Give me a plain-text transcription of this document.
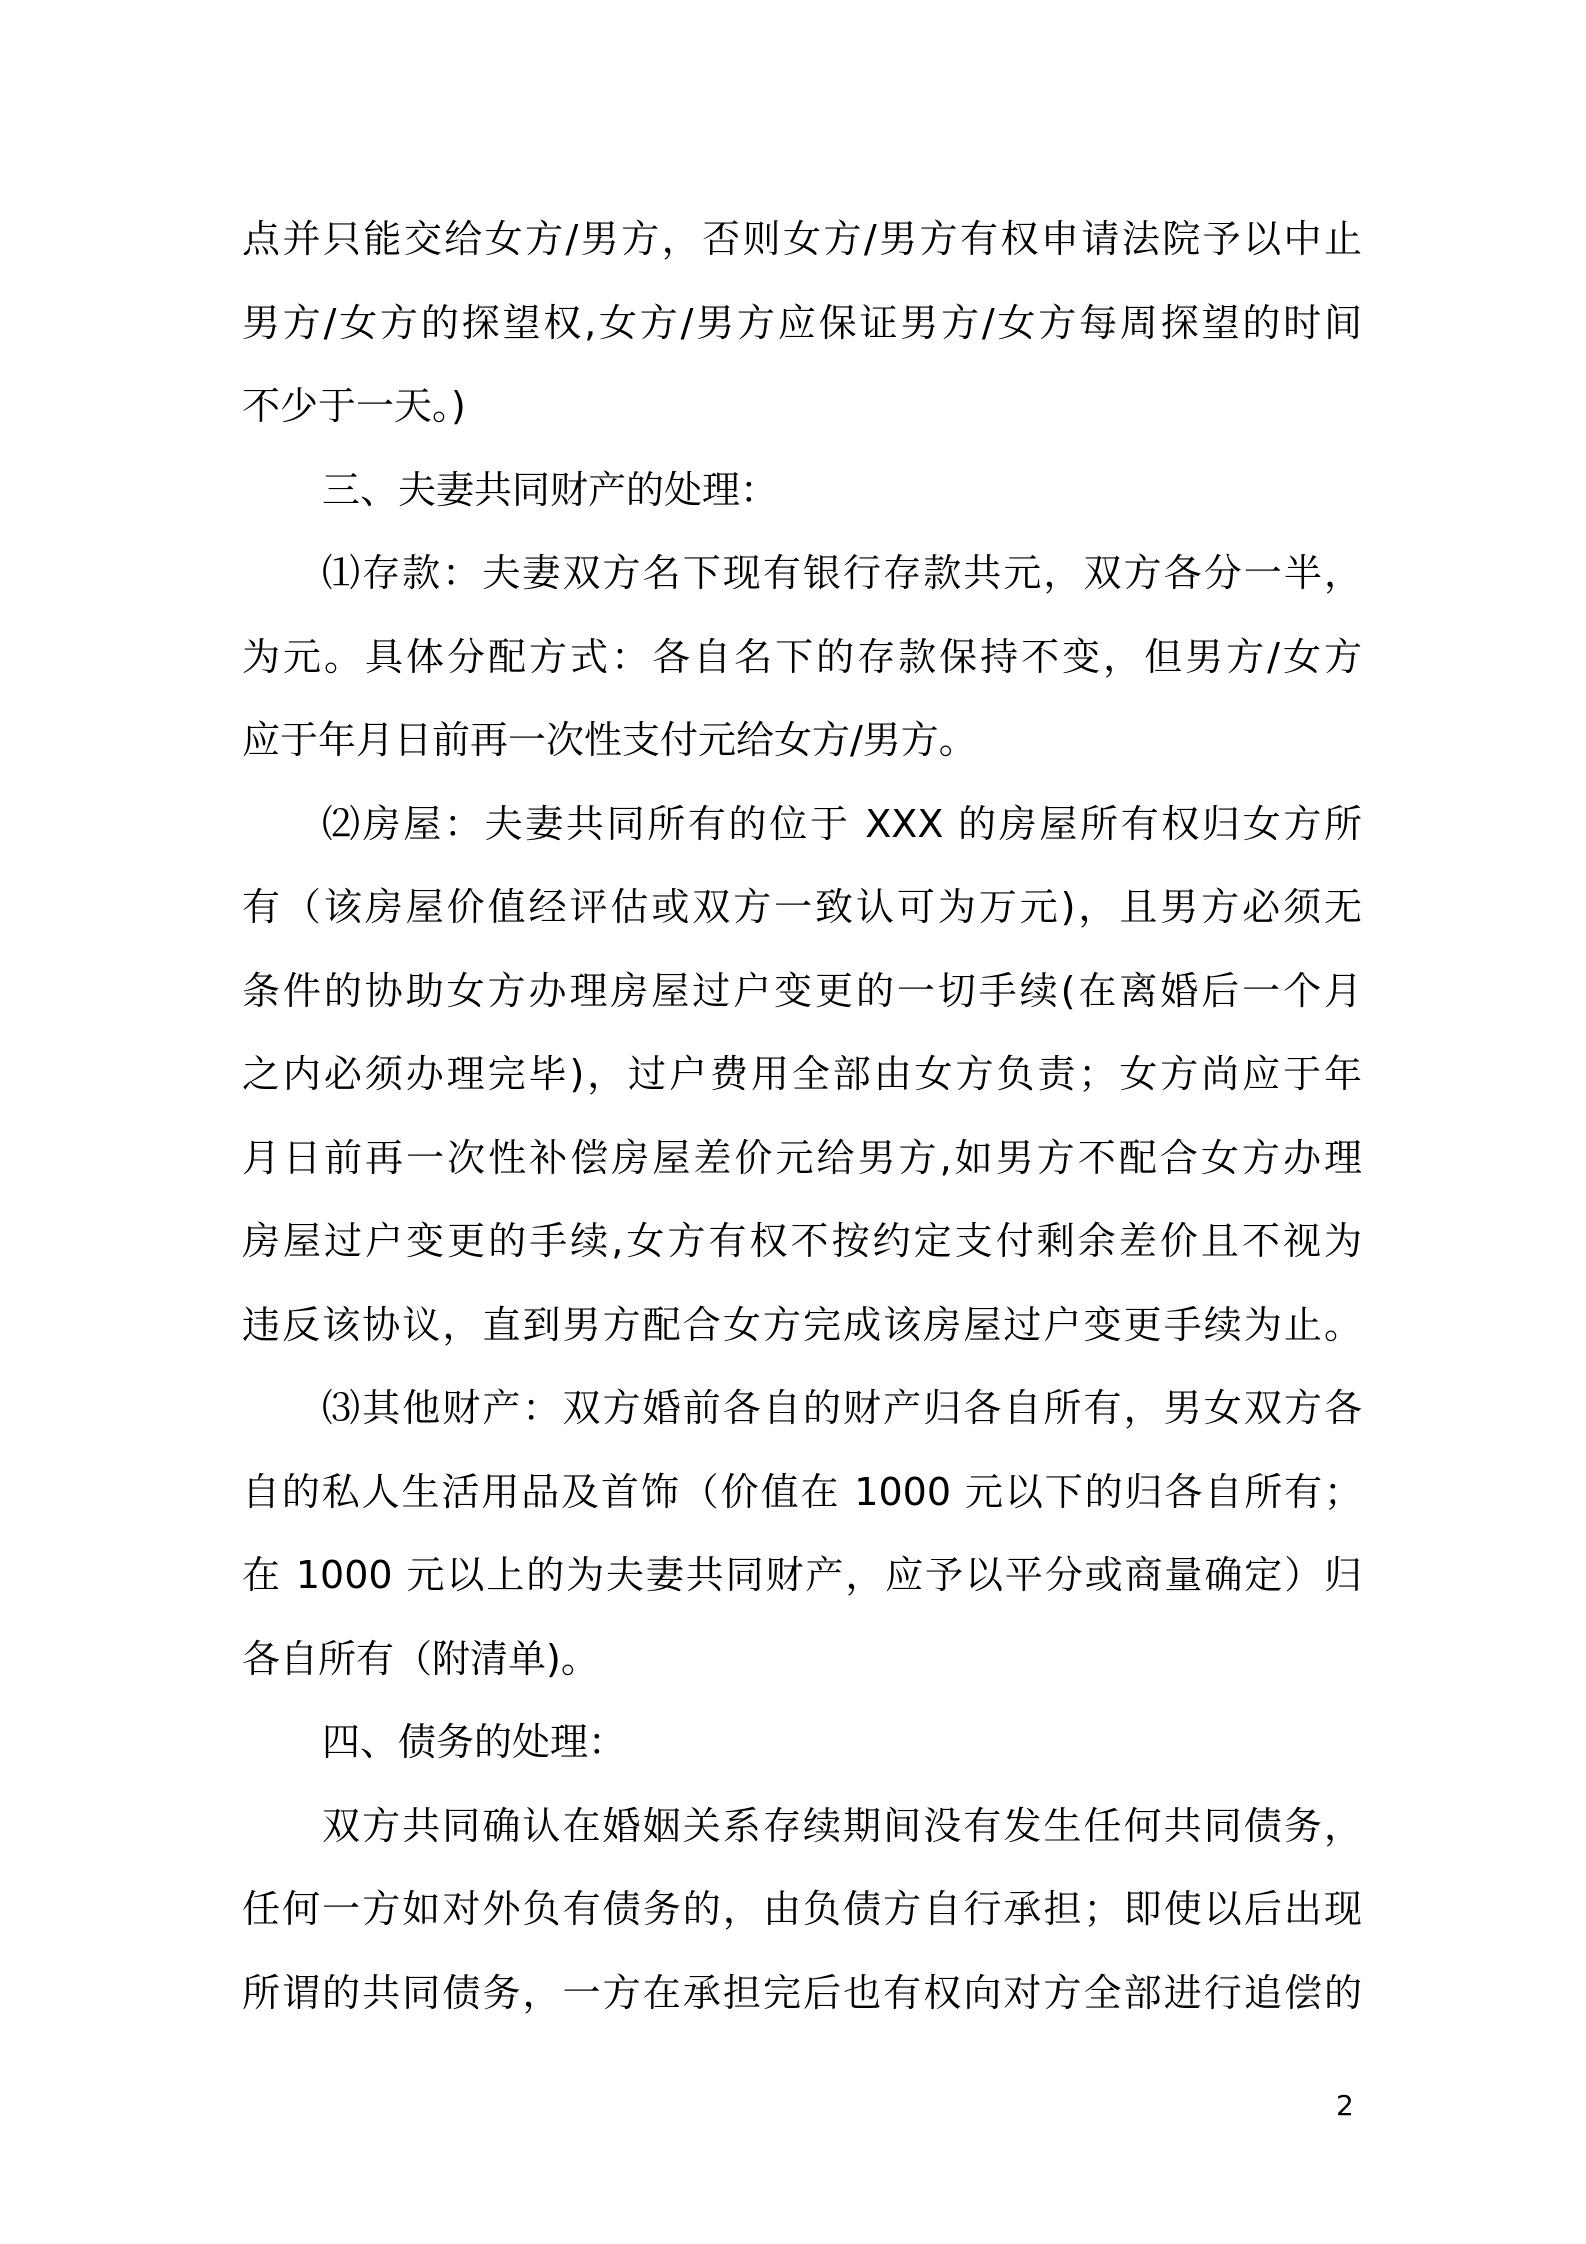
点并只能交给女方/男方，否则女方/男方有权申请法院予以中止
男方/女方的探望权,女方/男方应保证男方/女方每周探望的时间
不少于一天。)
三、夫妻共同财产的处理：
⑴存款：夫妻双方名下现有银行存款共元，双方各分一半，
为元。具体分配方式：各自名下的存款保持不变，但男方/女方
应于年月日前再一次性支付元给女方/男方。
⑵房屋：夫妻共同所有的位于 XXX 的房屋所有权归女方所
有（该房屋价值经评估或双方一致认可为万元)，且男方必须无
条件的协助女方办理房屋过户变更的一切手续(在离婚后一个月
之内必须办理完毕)，过户费用全部由女方负责；女方尚应于年
月日前再一次性补偿房屋差价元给男方,如男方不配合女方办理
房屋过户变更的手续,女方有权不按约定支付剩余差价且不视为
违反该协议，直到男方配合女方完成该房屋过户变更手续为止。
⑶其他财产：双方婚前各自的财产归各自所有，男女双方各
自的私人生活用品及首饰（价值在 1000 元以下的归各自所有；
在 1000 元以上的为夫妻共同财产，应予以平分或商量确定）归
各自所有（附清单)。
四、债务的处理：
双方共同确认在婚姻关系存续期间没有发生任何共同债务，
任何一方如对外负有债务的，由负债方自行承担；即使以后出现
所谓的共同债务，一方在承担完后也有权向对方全部进行追偿的
2
